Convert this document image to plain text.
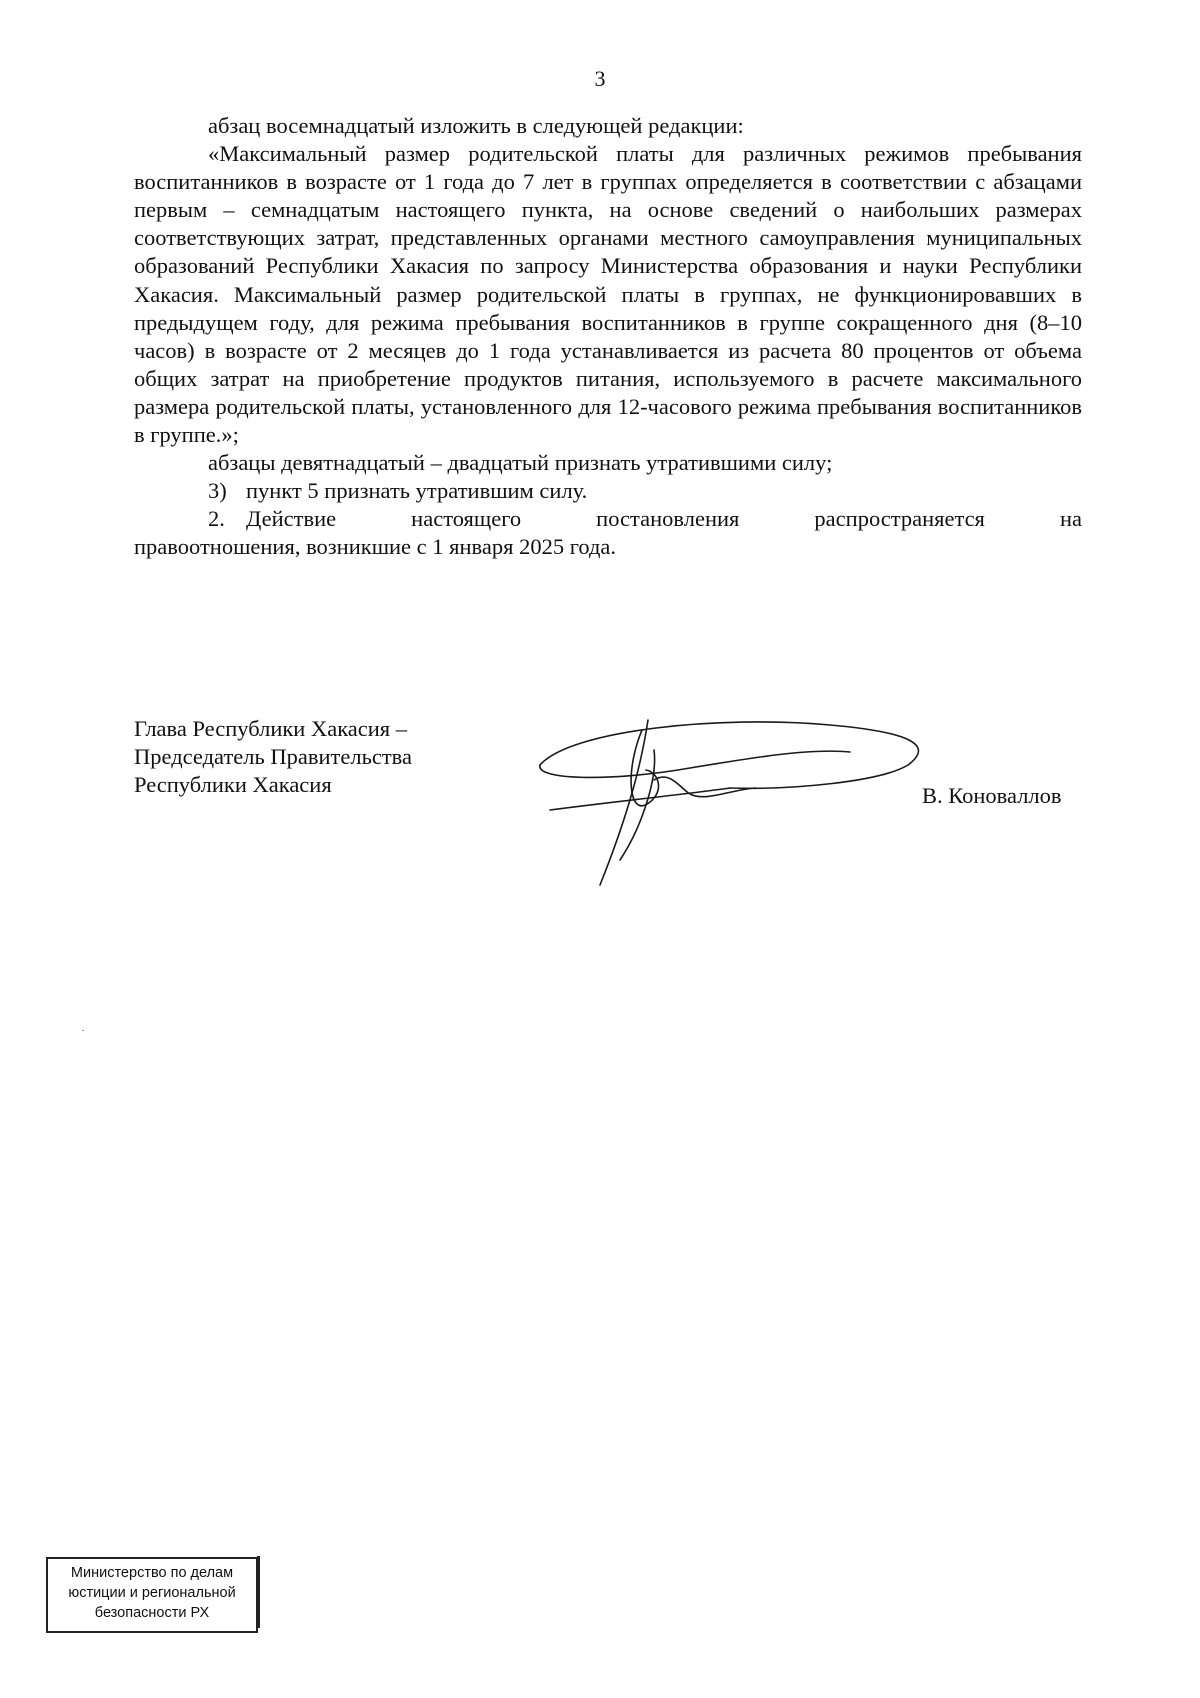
3

абзац восемнадцатый изложить в следующей редакции:

«Максимальный размер родительской платы для различных режимов пребывания воспитанников в возрасте от 1 года до 7 лет в группах определяется в соответствии с абзацами первым – семнадцатым настоящего пункта, на основе сведений о наибольших размерах соответствующих затрат, представленных органами местного самоуправления муниципальных образований Республики Хакасия по запросу Министерства образования и науки Республики Хакасия. Максимальный размер родительской платы в группах, не функционировавших в предыдущем году, для режима пребывания воспитанников в группе сокращенного дня (8–10 часов) в возрасте от 2 месяцев до 1 года устанавливается из расчета 80 процентов от объема общих затрат на приобретение продуктов питания, используемого в расчете максимального размера родительской платы, установленного для 12-часового режима пребывания воспитанников в группе.»;

абзацы девятнадцатый – двадцатый признать утратившими силу;

3) пункт 5 признать утратившим силу.

2. Действие настоящего постановления распространяется на

правоотношения, возникшие с 1 января 2025 года.

Глава Республики Хакасия –
Председатель Правительства
Республики Хакасия	В. Коноваллов
Министерство по делам
юстиции и региональной
безопасности РХ
